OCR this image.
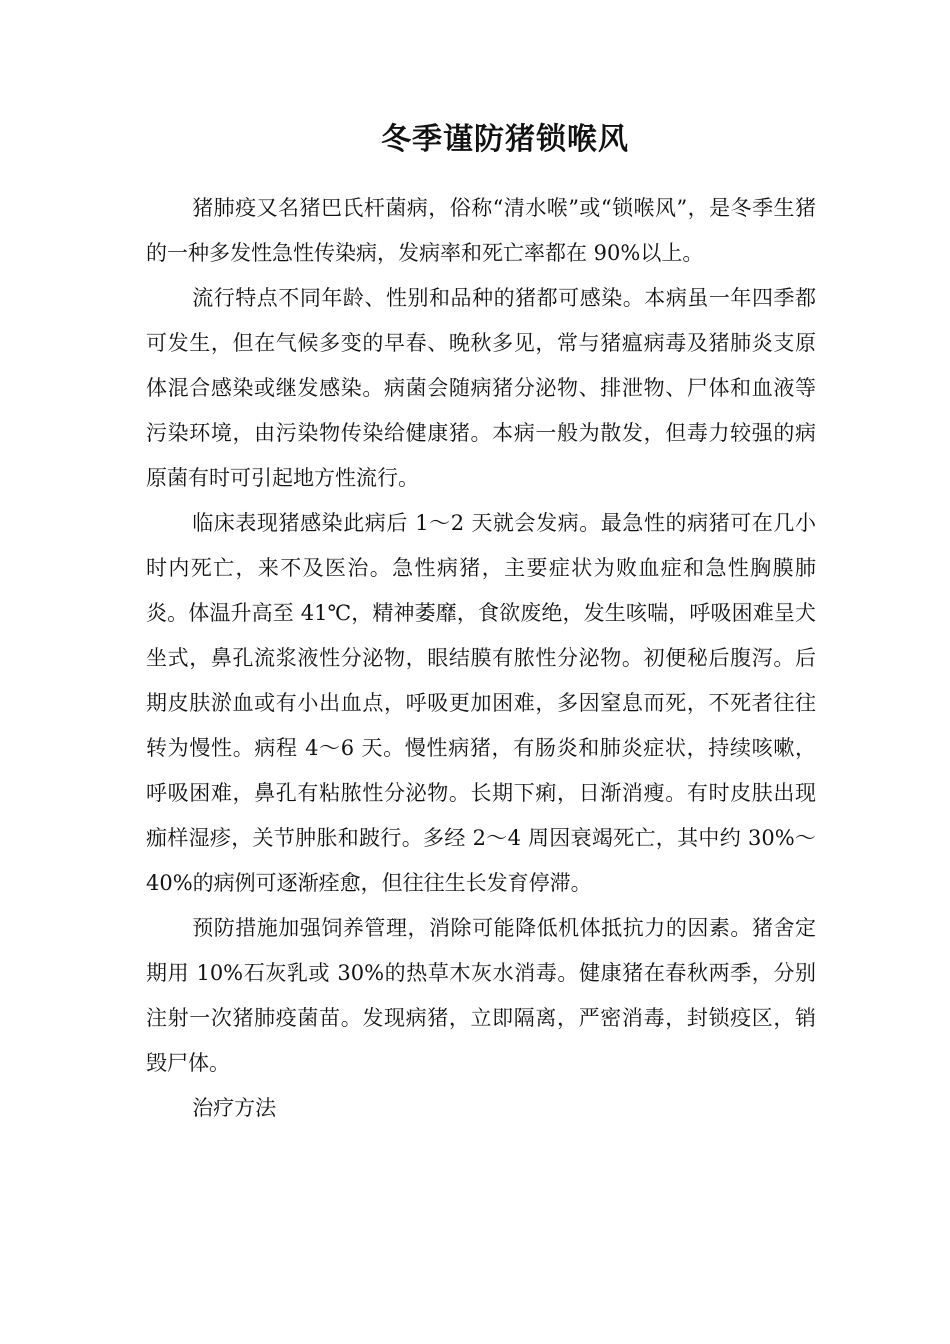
冬季谨防猪锁喉风

猪肺疫又名猪巴氏杆菌病，俗称“清水喉”或“锁喉风”，是冬季生猪的一种多发性急性传染病，发病率和死亡率都在 90%以上。

流行特点不同年龄、性别和品种的猪都可感染。本病虽一年四季都可发生，但在气候多变的早春、晚秋多见，常与猪瘟病毒及猪肺炎支原体混合感染或继发感染。病菌会随病猪分泌物、排泄物、尸体和血液等污染环境，由污染物传染给健康猪。本病一般为散发，但毒力较强的病原菌有时可引起地方性流行。

临床表现猪感染此病后 1～2 天就会发病。最急性的病猪可在几小时内死亡，来不及医治。急性病猪，主要症状为败血症和急性胸膜肺炎。体温升高至 41℃，精神萎靡，食欲废绝，发生咳喘，呼吸困难呈犬坐式，鼻孔流浆液性分泌物，眼结膜有脓性分泌物。初便秘后腹泻。后期皮肤淤血或有小出血点，呼吸更加困难，多因窒息而死，不死者往往转为慢性。病程 4～6 天。慢性病猪，有肠炎和肺炎症状，持续咳嗽，呼吸困难，鼻孔有粘脓性分泌物。长期下痢，日渐消瘦。有时皮肤出现痂样湿疹，关节肿胀和跛行。多经 2～4 周因衰竭死亡，其中约 30%～40%的病例可逐渐痊愈，但往往生长发育停滞。

预防措施加强饲养管理，消除可能降低机体抵抗力的因素。猪舍定期用 10%石灰乳或 30%的热草木灰水消毒。健康猪在春秋两季，分别注射一次猪肺疫菌苗。发现病猪，立即隔离，严密消毒，封锁疫区，销毁尸体。

治疗方法
